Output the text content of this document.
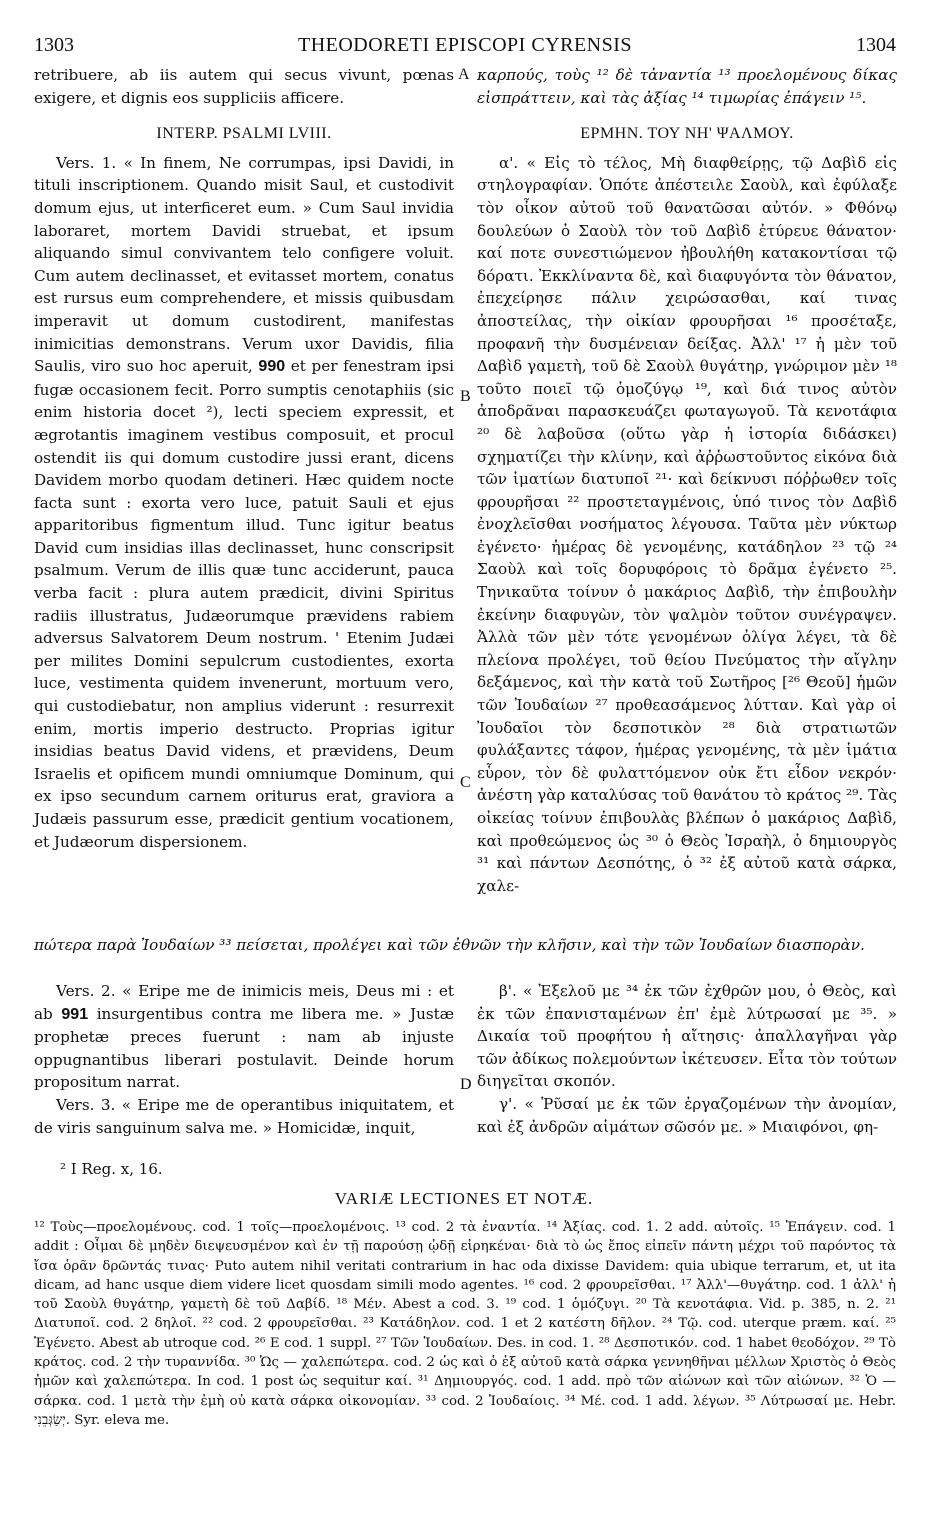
1303	THEODORETI EPISCOPI CYRENSIS	1304
A
B
C
D

retribuere, ab iis autem qui secus vivunt, pœnas exigere, et dignis eos suppliciis afficere.

INTERP. PSALMI LVIII.

Vers. 1. « In finem, Ne corrumpas, ipsi Davidi, in tituli inscriptionem. Quando misit Saul, et custodivit domum ejus, ut interficeret eum. » Cum Saul invidia laboraret, mortem Davidi struebat, et ipsum aliquando simul convivantem telo configere voluit. Cum autem declinasset, et evitasset mortem, conatus est rursus eum comprehendere, et missis quibusdam imperavit ut domum custodirent, manifestas inimicitias demonstrans. Verum uxor Davidis, filia Saulis, viro suo hoc aperuit, 990 et per fenestram ipsi fugæ occasionem fecit. Porro sumptis cenotaphiis (sic enim historia docet ²), lecti speciem expressit, et ægrotantis imaginem vestibus composuit, et procul ostendit iis qui domum custodire jussi erant, dicens Davidem morbo quodam detineri. Hæc quidem nocte facta sunt : exorta vero luce, patuit Sauli et ejus apparitoribus figmentum illud. Tunc igitur beatus David cum insidias illas declinasset, hunc conscripsit psalmum. Verum de illis quæ tunc acciderunt, pauca verba facit : plura autem prædicit, divini Spiritus radiis illustratus, Judæorumque prævidens rabiem adversus Salvatorem Deum nostrum. ' Etenim Judæi per milites Domini sepulcrum custodientes, exorta luce, vestimenta quidem invenerunt, mortuum vero, qui custodiebatur, non amplius viderunt : resurrexit enim, mortis imperio destructo. Proprias igitur insidias beatus David videns, et prævidens, Deum Israelis et opificem mundi omniumque Dominum, qui ex ipso secundum carnem oriturus erat, graviora a Judæis passurum esse, prædicit gentium vocationem, et Judæorum dispersionem.

καρπούς, τοὺς ¹² δὲ τἀναντία ¹³ προελομένους δίκας εἰσπράττειν, καὶ τὰς ἀξίας ¹⁴ τιμωρίας ἐπάγειν ¹⁵.

ΕΡΜΗΝ. ΤΟΥ ΝΗ' ΨΑΛΜΟΥ.

α'. « Εἰς τὸ τέλος, Μὴ διαφθείρῃς, τῷ Δαβὶδ εἰς στηλογραφίαν. Ὁπότε ἀπέστειλε Σαοὺλ, καὶ ἐφύλαξε τὸν οἶκον αὐτοῦ τοῦ θανατῶσαι αὐτόν. » Φθόνῳ δουλεύων ὁ Σαοὺλ τὸν τοῦ Δαβὶδ ἐτύρευε θάνατον· καί ποτε συνεστιώμενον ἠβουλήθη κατακοντίσαι τῷ δόρατι. Ἐκκλίναντα δὲ, καὶ διαφυγόντα τὸν θάνατον, ἐπεχείρησε πάλιν χειρώσασθαι, καί τινας ἀποστείλας, τὴν οἰκίαν φρουρῆσαι ¹⁶ προσέταξε, προφανῆ τὴν δυσμένειαν δείξας. Ἀλλ' ¹⁷ ἡ μὲν τοῦ Δαβὶδ γαμετὴ, τοῦ δὲ Σαοὺλ θυγάτηρ, γνώριμον μὲν ¹⁸ τοῦτο ποιεῖ τῷ ὁμοζύγῳ ¹⁹, καὶ διά τινος αὐτὸν ἀποδρᾶναι παρασκευάζει φωταγωγοῦ. Τὰ κενοτάφια ²⁰ δὲ λαβοῦσα (οὕτω γὰρ ἡ ἱστορία διδάσκει) σχηματίζει τὴν κλίνην, καὶ ἀῤῥωστοῦντος εἰκόνα διὰ τῶν ἱματίων διατυποῖ ²¹· καὶ δείκνυσι πόῤῥωθεν τοῖς φρουρῆσαι ²² προστεταγμένοις, ὑπό τινος τὸν Δαβὶδ ἐνοχλεῖσθαι νοσήματος λέγουσα. Ταῦτα μὲν νύκτωρ ἐγένετο· ἡμέρας δὲ γενομένης, κατάδηλον ²³ τῷ ²⁴ Σαοὺλ καὶ τοῖς δορυφόροις τὸ δρᾶμα ἐγένετο ²⁵. Τηνικαῦτα τοίνυν ὁ μακάριος Δαβὶδ, τὴν ἐπιβουλὴν ἐκείνην διαφυγὼν, τὸν ψαλμὸν τοῦτον συνέγραψεν. Ἀλλὰ τῶν μὲν τότε γενομένων ὀλίγα λέγει, τὰ δὲ πλείονα προλέγει, τοῦ θείου Πνεύματος τὴν αἴγλην δεξάμενος, καὶ τὴν κατὰ τοῦ Σωτῆρος [²⁶ Θεοῦ] ἡμῶν τῶν Ἰουδαίων ²⁷ προθεασάμενος λύτταν. Καὶ γὰρ οἱ Ἰουδαῖοι τὸν δεσποτικὸν ²⁸ διὰ στρατιωτῶν φυλάξαντες τάφον, ἡμέρας γενομένης, τὰ μὲν ἱμάτια εὗρον, τὸν δὲ φυλαττόμενον οὐκ ἔτι εἶδον νεκρόν· ἀνέστη γὰρ καταλύσας τοῦ θανάτου τὸ κράτος ²⁹. Τὰς οἰκείας τοίνυν ἐπιβουλὰς βλέπων ὁ μακάριος Δαβὶδ, καὶ προθεώμενος ὡς ³⁰ ὁ Θεὸς Ἰσραὴλ, ὁ δημιουργὸς ³¹ καὶ πάντων Δεσπότης, ὁ ³² ἐξ αὐτοῦ κατὰ σάρκα, χαλε-

πώτερα παρὰ Ἰουδαίων ³³ πείσεται, προλέγει καὶ τῶν ἐθνῶν τὴν κλῆσιν, καὶ τὴν τῶν Ἰουδαίων διασπορὰν.

Vers. 2. « Eripe me de inimicis meis, Deus mi : et ab 991 insurgentibus contra me libera me. » Justæ prophetæ preces fuerunt : nam ab injuste oppugnantibus liberari postulavit. Deinde horum propositum narrat.

Vers. 3. « Eripe me de operantibus iniquitatem, et de viris sanguinum salva me. » Homicidæ, inquit,

β'. « Ἐξελοῦ με ³⁴ ἐκ τῶν ἐχθρῶν μου, ὁ Θεὸς, καὶ ἐκ τῶν ἐπανισταμένων ἐπ' ἐμὲ λύτρωσαί με ³⁵. » Δικαία τοῦ προφήτου ἡ αἴτησις· ἀπαλλαγῆναι γὰρ τῶν ἀδίκως πολεμούντων ἱκέτευσεν. Εἶτα τὸν τούτων διηγεῖται σκοπόν.

γ'. « Ῥῦσαί με ἐκ τῶν ἐργαζομένων τὴν ἀνομίαν, καὶ ἐξ ἀνδρῶν αἱμάτων σῶσόν με. » Μιαιφόνοι, φη-

² I Reg. x, 16.
VARIÆ LECTIONES ET NOTÆ.

¹² Τοὺς—προελομένους. cod. 1 τοῖς—προελομένοις. ¹³ cod. 2 τὰ ἐναντία. ¹⁴ Ἀξίας. cod. 1. 2 add. αὐτοῖς. ¹⁵ Ἐπάγειν. cod. 1 addit : Οἶμαι δὲ μηδὲν διεψευσμένον καὶ ἐν τῇ παρούσῃ ᾠδῇ εἰρηκέναι· διὰ τὸ ὡς ἔπος εἰπεῖν πάντη μέχρι τοῦ παρόντος τὰ ἴσα ὁρᾶν δρῶντάς τινας· Puto autem nihil veritati contrarium in hac oda dixisse Davidem: quia ubique terrarum, et, ut ita dicam, ad hanc usque diem videre licet quosdam simili modo agentes. ¹⁶ cod. 2 φρουρεῖσθαι. ¹⁷ Ἀλλ'—θυγάτηρ. cod. 1 ἀλλ' ἡ τοῦ Σαοὺλ θυγάτηρ, γαμετὴ δὲ τοῦ Δαβίδ. ¹⁸ Μέν. Abest a cod. 3. ¹⁹ cod. 1 ὁμόζυγι. ²⁰ Τὰ κενοτάφια. Vid. p. 385, n. 2. ²¹ Διατυποῖ. cod. 2 δηλοῖ. ²² cod. 2 φρουρεῖσθαι. ²³ Κατάδηλον. cod. 1 et 2 κατέστη δῆλον. ²⁴ Τῷ. cod. uterque præm. καί. ²⁵ Ἐγένετο. Abest ab utroque cod. ²⁶ E cod. 1 suppl. ²⁷ Τῶν Ἰουδαίων. Des. in cod. 1. ²⁸ Δεσποτικόν. cod. 1 habet θεοδόχον. ²⁹ Τὸ κράτος. cod. 2 τὴν τυραννίδα. ³⁰ Ὡς — χαλεπώτερα. cod. 2 ὡς καὶ ὁ ἐξ αὐτοῦ κατὰ σάρκα γεννηθῆναι μέλλων Χριστὸς ὁ Θεὸς ἡμῶν καὶ χαλεπώτερα. In cod. 1 post ὡς sequitur καί. ³¹ Δημιουργός. cod. 1 add. πρὸ τῶν αἰώνων καὶ τῶν αἰώνων. ³² Ὁ — σάρκα. cod. 1 μετὰ τὴν ἐμὴ οὐ κατὰ σάρκα οἰκονομίαν. ³³ cod. 2 Ἰουδαίοις. ³⁴ Μέ. cod. 1 add. λέγων. ³⁵ Λύτρωσαί με. Hebr. יְשַׂגְּבֵנִי. Syr. eleva me.
